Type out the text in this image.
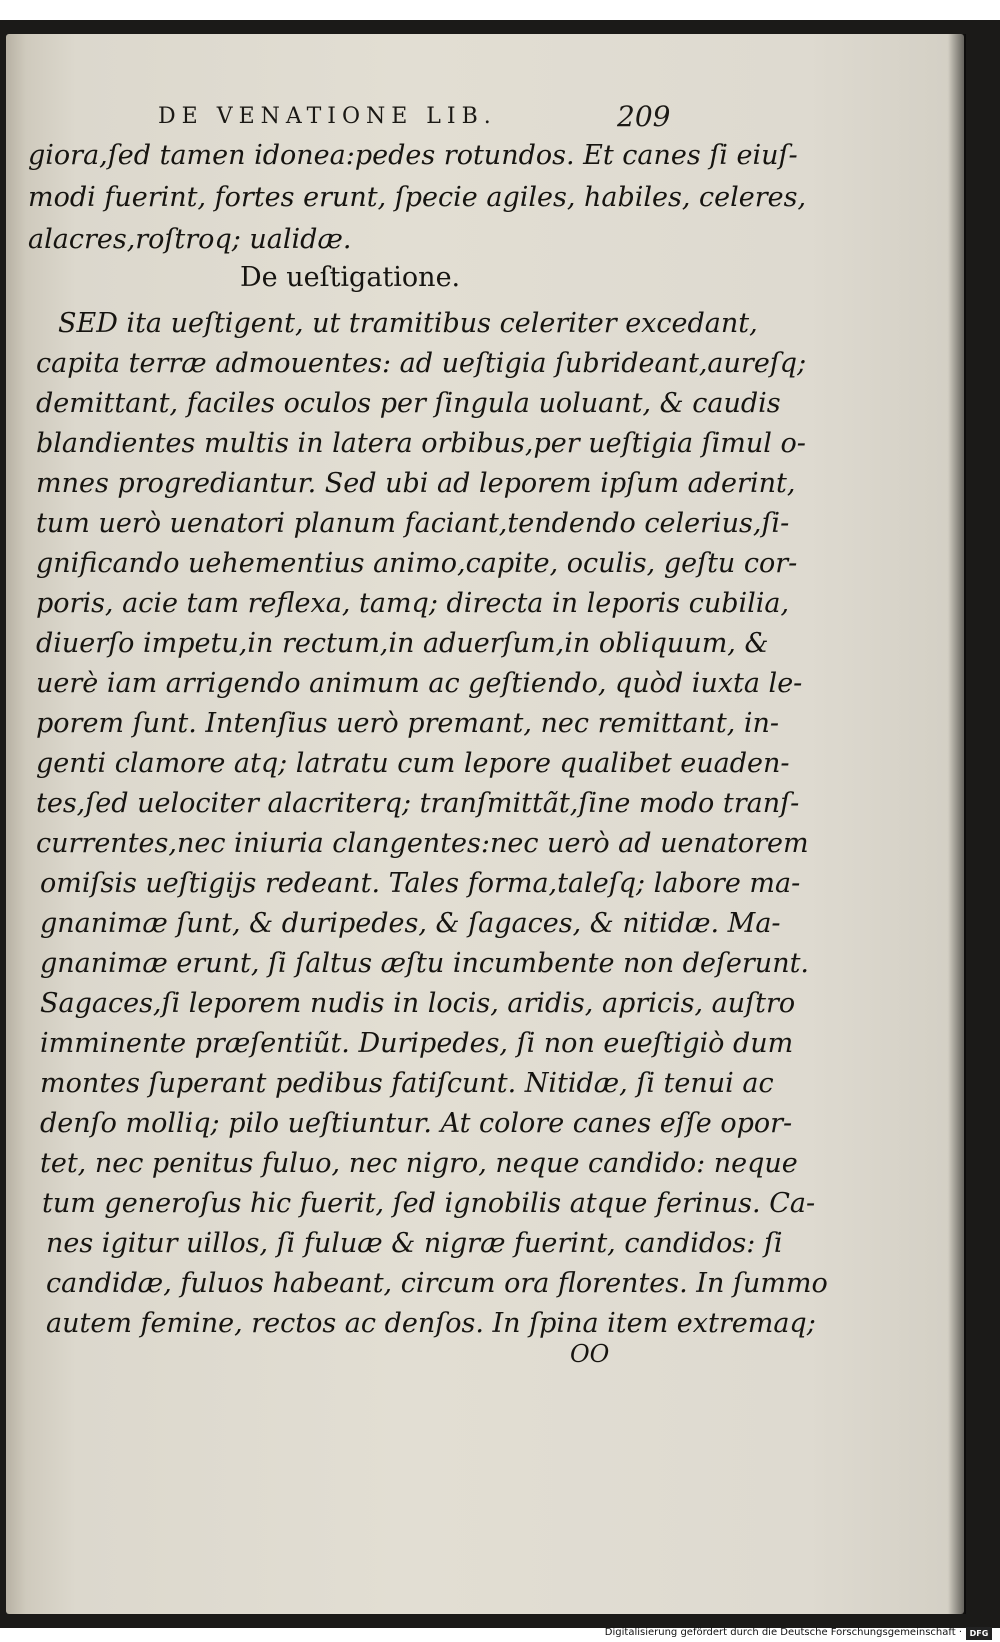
DE VENATIONE LIB.	209
giora,ſed tamen idonea:pedes rotundos. Et canes ſi eiuſ-
modi fuerint, fortes erunt, ſpecie agiles, habiles, celeres,
alacres,roſtroq; ualidæ.
De ueſtigatione.
SED ita ueſtigent, ut tramitibus celeriter excedant,
capita terræ admouentes: ad ueſtigia ſubrideant,aureſq;
demittant, faciles oculos per ſingula uoluant, & caudis
blandientes multis in latera orbibus,per ueſtigia ſimul o-
mnes progrediantur. Sed ubi ad leporem ipſum aderint,
tum uerò uenatori planum faciant,tendendo celerius,ſi-
gnificando uehementius animo,capite, oculis, geſtu cor-
poris, acie tam reflexa, tamq; directa in leporis cubilia,
diuerſo impetu,in rectum,in aduerſum,in obliquum, &
uerè iam arrigendo animum ac geſtiendo, quòd iuxta le-
porem ſunt. Intenſius uerò premant, nec remittant, in-
genti clamore atq; latratu cum lepore qualibet euaden-
tes,ſed uelociter alacriterq; tranſmittãt,ſine modo tranſ-
currentes,nec iniuria clangentes:nec uerò ad uenatorem
omiſsis ueſtigijs redeant. Tales forma,taleſq; labore ma-
gnanimæ ſunt, & duripedes, & ſagaces, & nitidæ. Ma-
gnanimæ erunt, ſi ſaltus æſtu incumbente non deſerunt.
Sagaces,ſi leporem nudis in locis, aridis, apricis, auſtro
imminente præſentiũt. Duripedes, ſi non eueſtigiò dum
montes ſuperant pedibus fatiſcunt. Nitidæ, ſi tenui ac
denſo molliq; pilo ueſtiuntur. At colore canes eſſe opor-
tet, nec penitus fuluo, nec nigro, neque candido: neque
tum generoſus hic fuerit, ſed ignobilis atque ferinus. Ca-
nes igitur uillos, ſi fuluæ & nigræ fuerint, candidos: ſi
candidæ, fuluos habeant, circum ora florentes. In ſummo
autem femine, rectos ac denſos. In ſpina item extremaq;
OO
Digitalisierung gefördert durch die Deutsche Forschungsgemeinschaft · DFG
